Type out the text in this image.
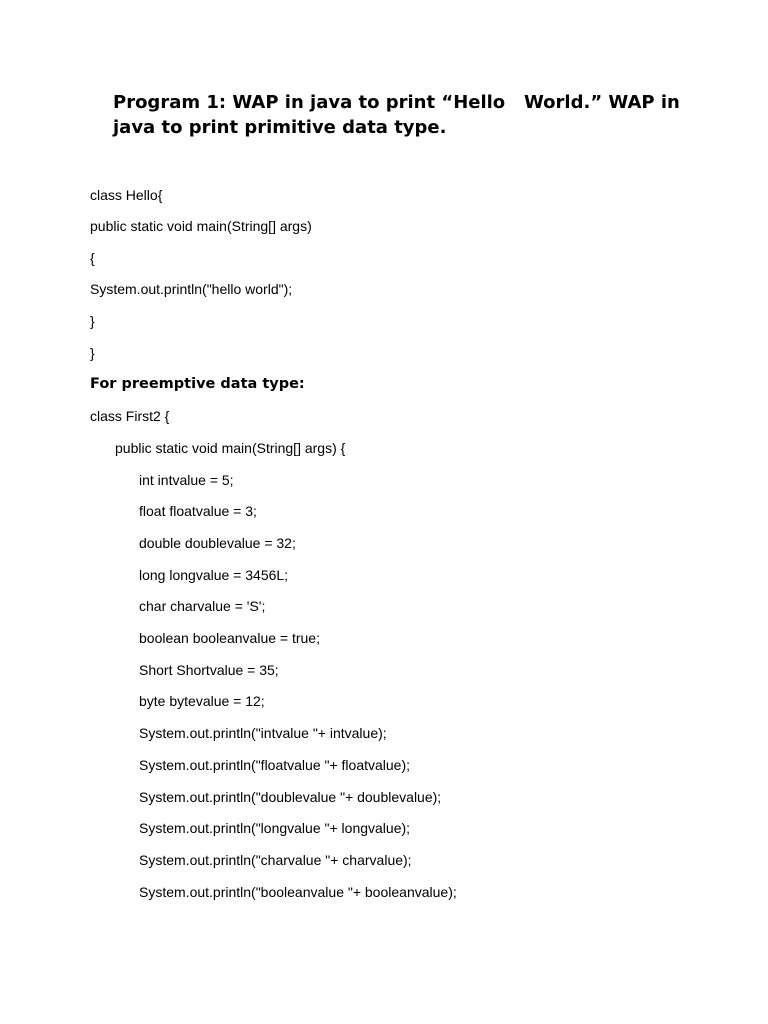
Program 1: WAP in java to print “Hello   World.” WAP in java to print primitive data type.

class Hello{

public static void main(String[] args)

{

System.out.println("hello world");

}

}

For preemptive data type:

class First2 {

public static void main(String[] args) {

int intvalue = 5;

float floatvalue = 3;

double doublevalue = 32;

long longvalue = 3456L;

char charvalue = 'S';

boolean booleanvalue = true;

Short Shortvalue = 35;

byte bytevalue = 12;

System.out.println("intvalue "+ intvalue);

System.out.println("floatvalue "+ floatvalue);

System.out.println("doublevalue "+ doublevalue);

System.out.println("longvalue "+ longvalue);

System.out.println("charvalue "+ charvalue);

System.out.println("booleanvalue "+ booleanvalue);
